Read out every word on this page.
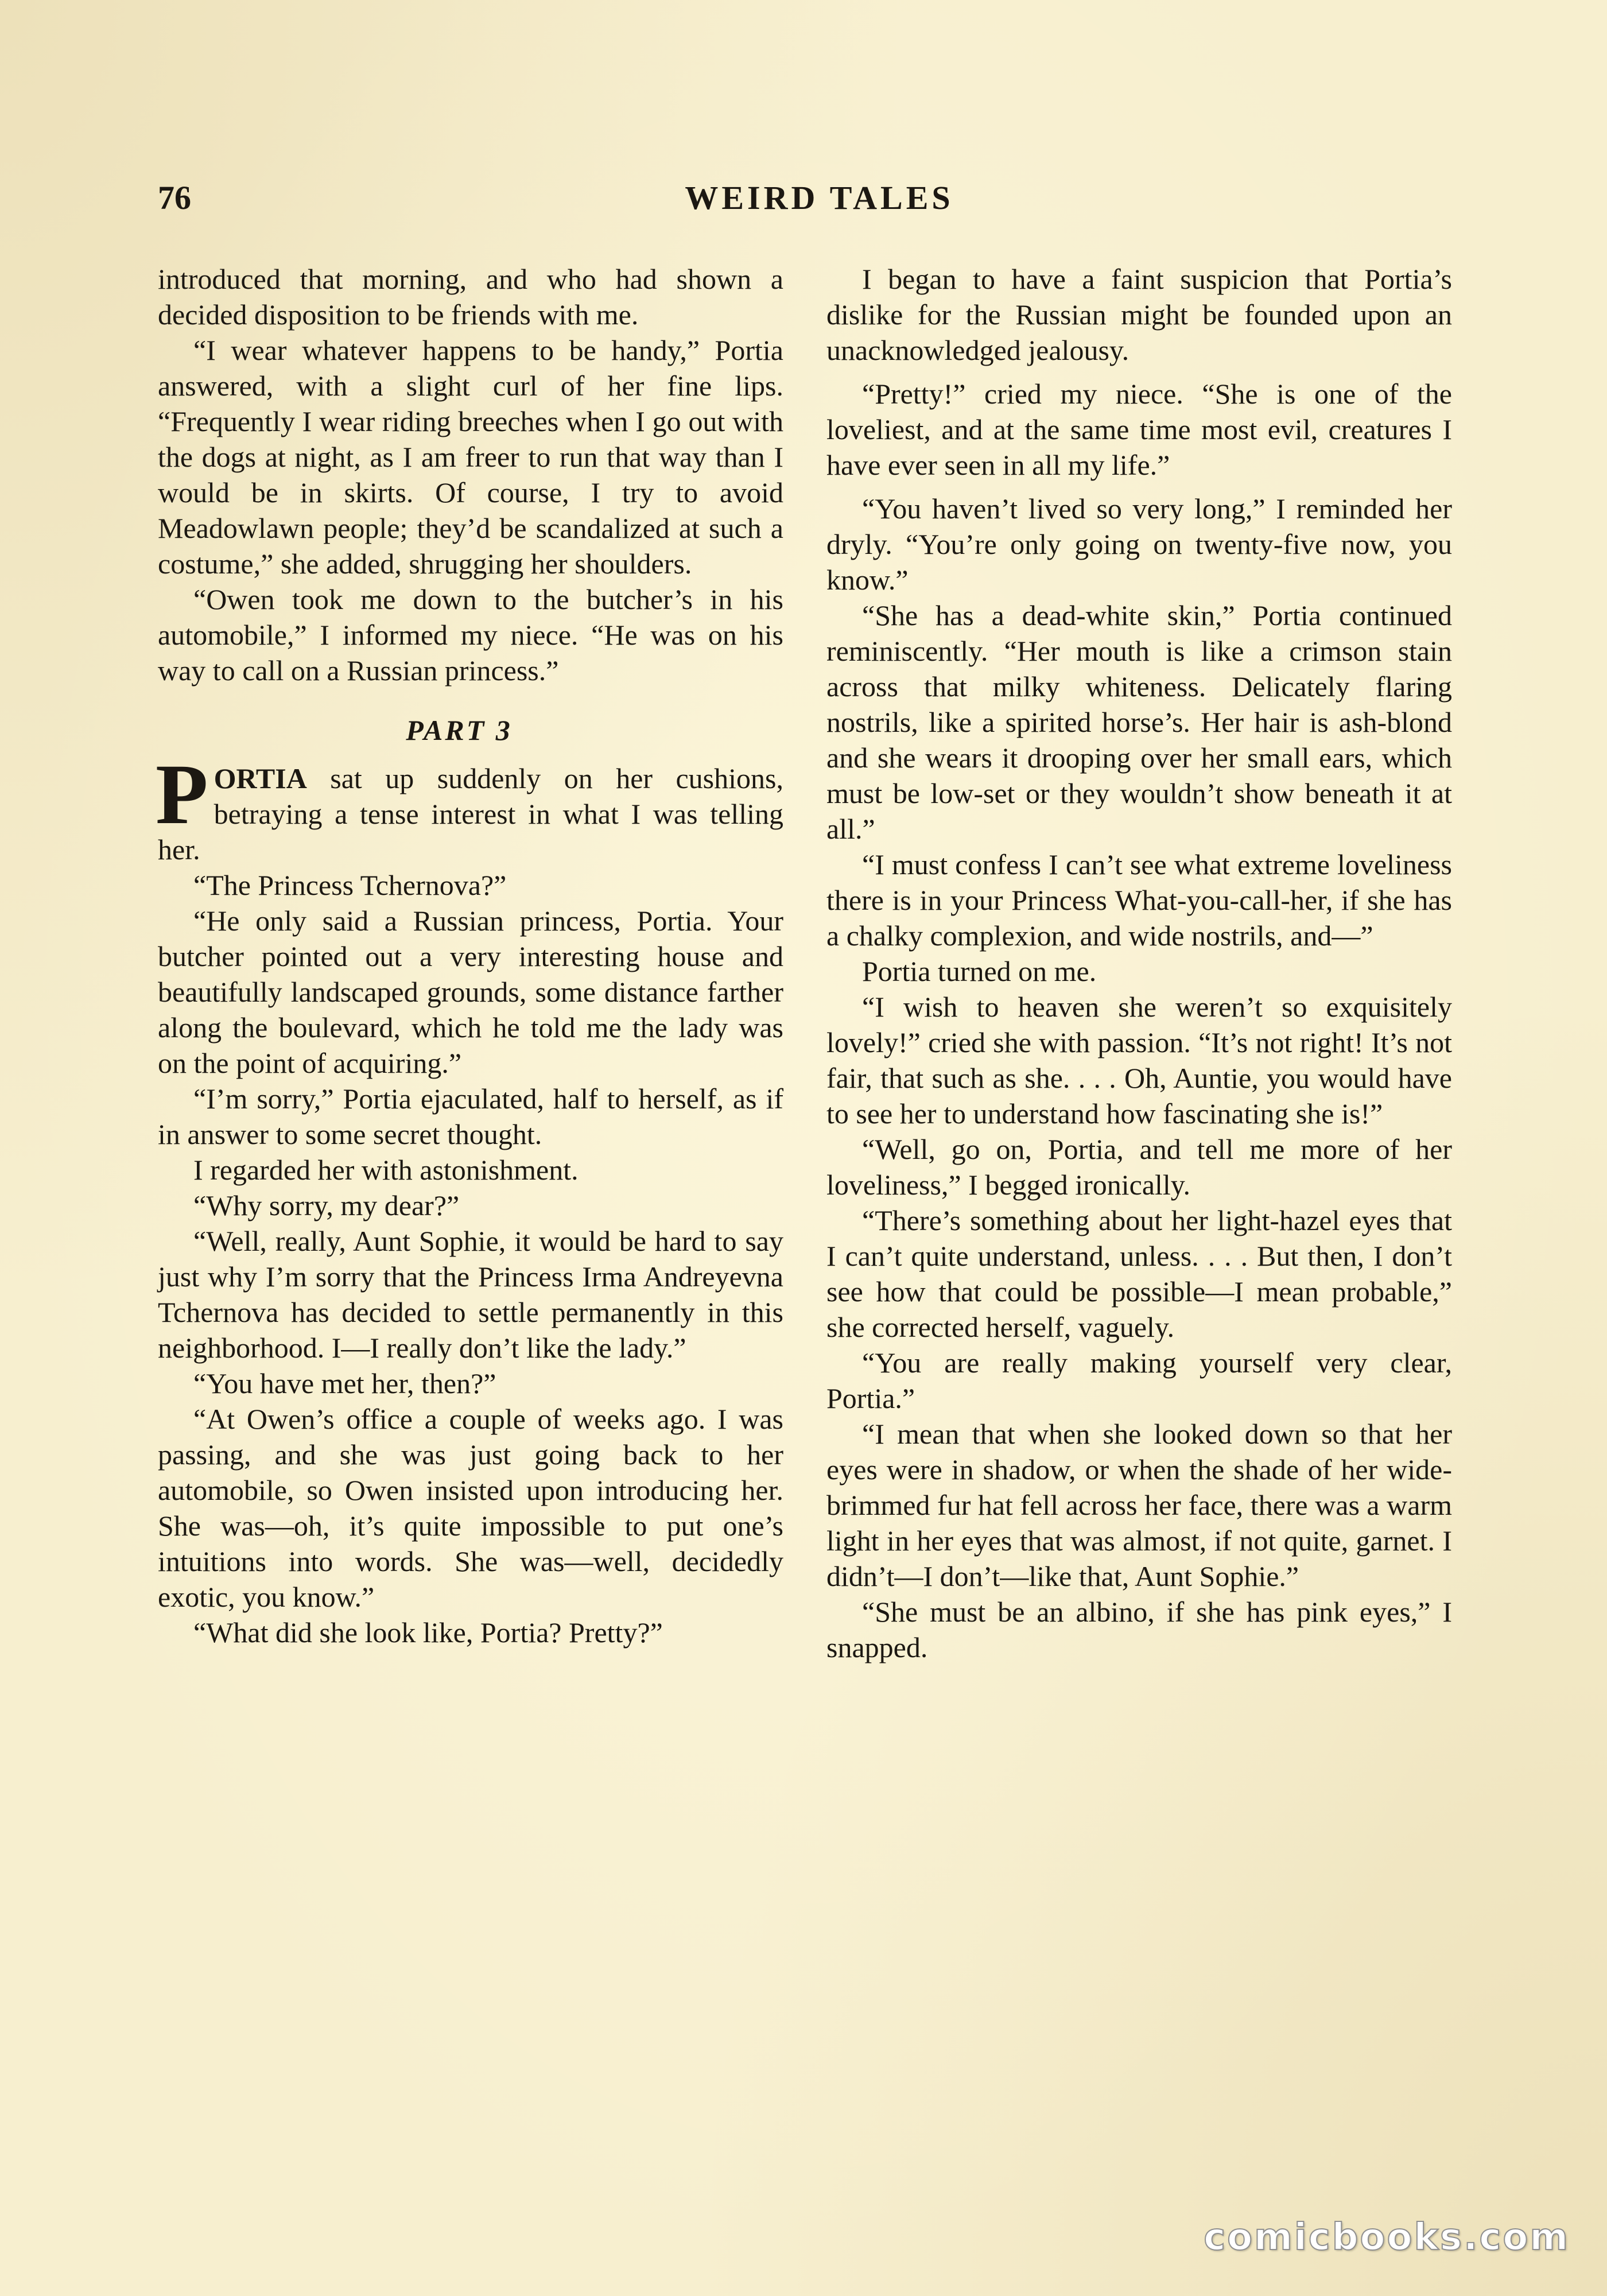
76	WEIRD TALES

introduced that morning, and who had shown a decided disposition to be friends with me.

“I wear whatever happens to be handy,” Portia answered, with a slight curl of her fine lips. “Frequently I wear riding breeches when I go out with the dogs at night, as I am freer to run that way than I would be in skirts. Of course, I try to avoid Meadowlawn people; they’d be scandalized at such a costume,” she added, shrugging her shoulders.

“Owen took me down to the butcher’s in his automobile,” I informed my niece. “He was on his way to call on a Russian princess.”

PART 3

PORTIA sat up suddenly on her cushions, betraying a tense interest in what I was telling her.

“The Princess Tchernova?”

“He only said a Russian princess, Portia. Your butcher pointed out a very interesting house and beautifully landscaped grounds, some distance farther along the boulevard, which he told me the lady was on the point of acquiring.”

“I’m sorry,” Portia ejaculated, half to herself, as if in answer to some secret thought.

I regarded her with astonishment.

“Why sorry, my dear?”

“Well, really, Aunt Sophie, it would be hard to say just why I’m sorry that the Princess Irma Andreyevna Tchernova has decided to settle permanently in this neighborhood. I—I really don’t like the lady.”

“You have met her, then?”

“At Owen’s office a couple of weeks ago. I was passing, and she was just going back to her automobile, so Owen insisted upon introducing her. She was—oh, it’s quite impossible to put one’s intuitions into words. She was—well, decidedly exotic, you know.”

“What did she look like, Portia? Pretty?”

I began to have a faint suspicion that Portia’s dislike for the Russian might be founded upon an unacknowledged jealousy.

“Pretty!” cried my niece. “She is one of the loveliest, and at the same time most evil, creatures I have ever seen in all my life.”

“You haven’t lived so very long,” I reminded her dryly. “You’re only going on twenty-five now, you know.”

“She has a dead-white skin,” Portia continued reminiscently. “Her mouth is like a crimson stain across that milky whiteness. Delicately flaring nostrils, like a spirited horse’s. Her hair is ash-blond and she wears it drooping over her small ears, which must be low-set or they wouldn’t show beneath it at all.”

“I must confess I can’t see what extreme loveliness there is in your Princess What-you-call-her, if she has a chalky complexion, and wide nostrils, and—”

Portia turned on me.

“I wish to heaven she weren’t so exquisitely lovely!” cried she with passion. “It’s not right! It’s not fair, that such as she. . . . Oh, Auntie, you would have to see her to understand how fascinating she is!”

“Well, go on, Portia, and tell me more of her loveliness,” I begged ironically.

“There’s something about her light-hazel eyes that I can’t quite understand, unless. . . . But then, I don’t see how that could be possible—I mean probable,” she corrected herself, vaguely.

“You are really making yourself very clear, Portia.”

“I mean that when she looked down so that her eyes were in shadow, or when the shade of her wide-brimmed fur hat fell across her face, there was a warm light in her eyes that was almost, if not quite, garnet. I didn’t—I don’t—like that, Aunt Sophie.”

“She must be an albino, if she has pink eyes,” I snapped.

comicbooks.com
